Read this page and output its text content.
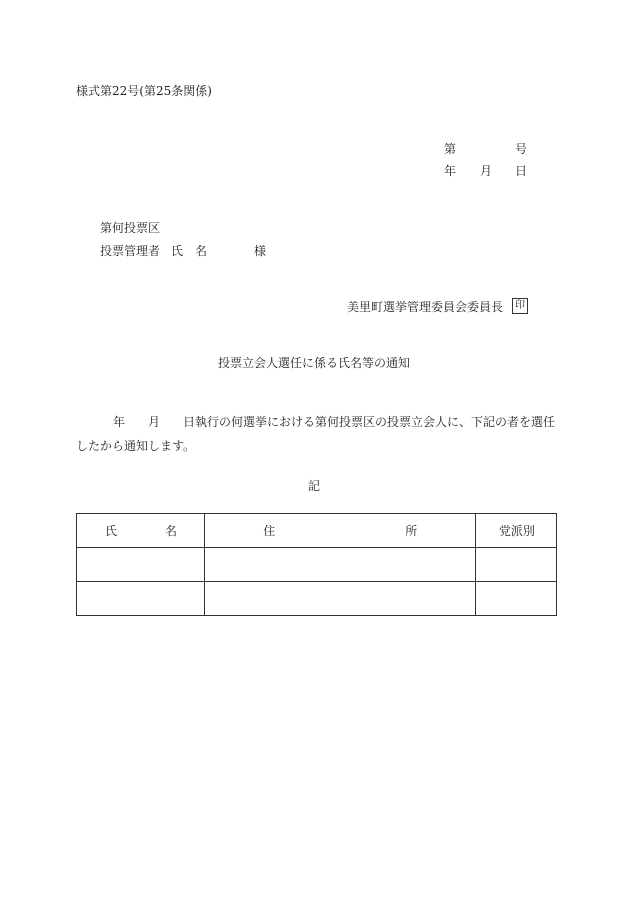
様式第22号(第25条関係)
第	号
年 月 日
第何投票区
投票管理者 氏 名	様
美里町選挙管理委員会委員長	印
投票立会人選任に係る氏名等の通知
年 月 日執行の何選挙における第何投票区の投票立会人に、下記の者を選任
したから通知します。
記
氏 名	住 所	党派別
